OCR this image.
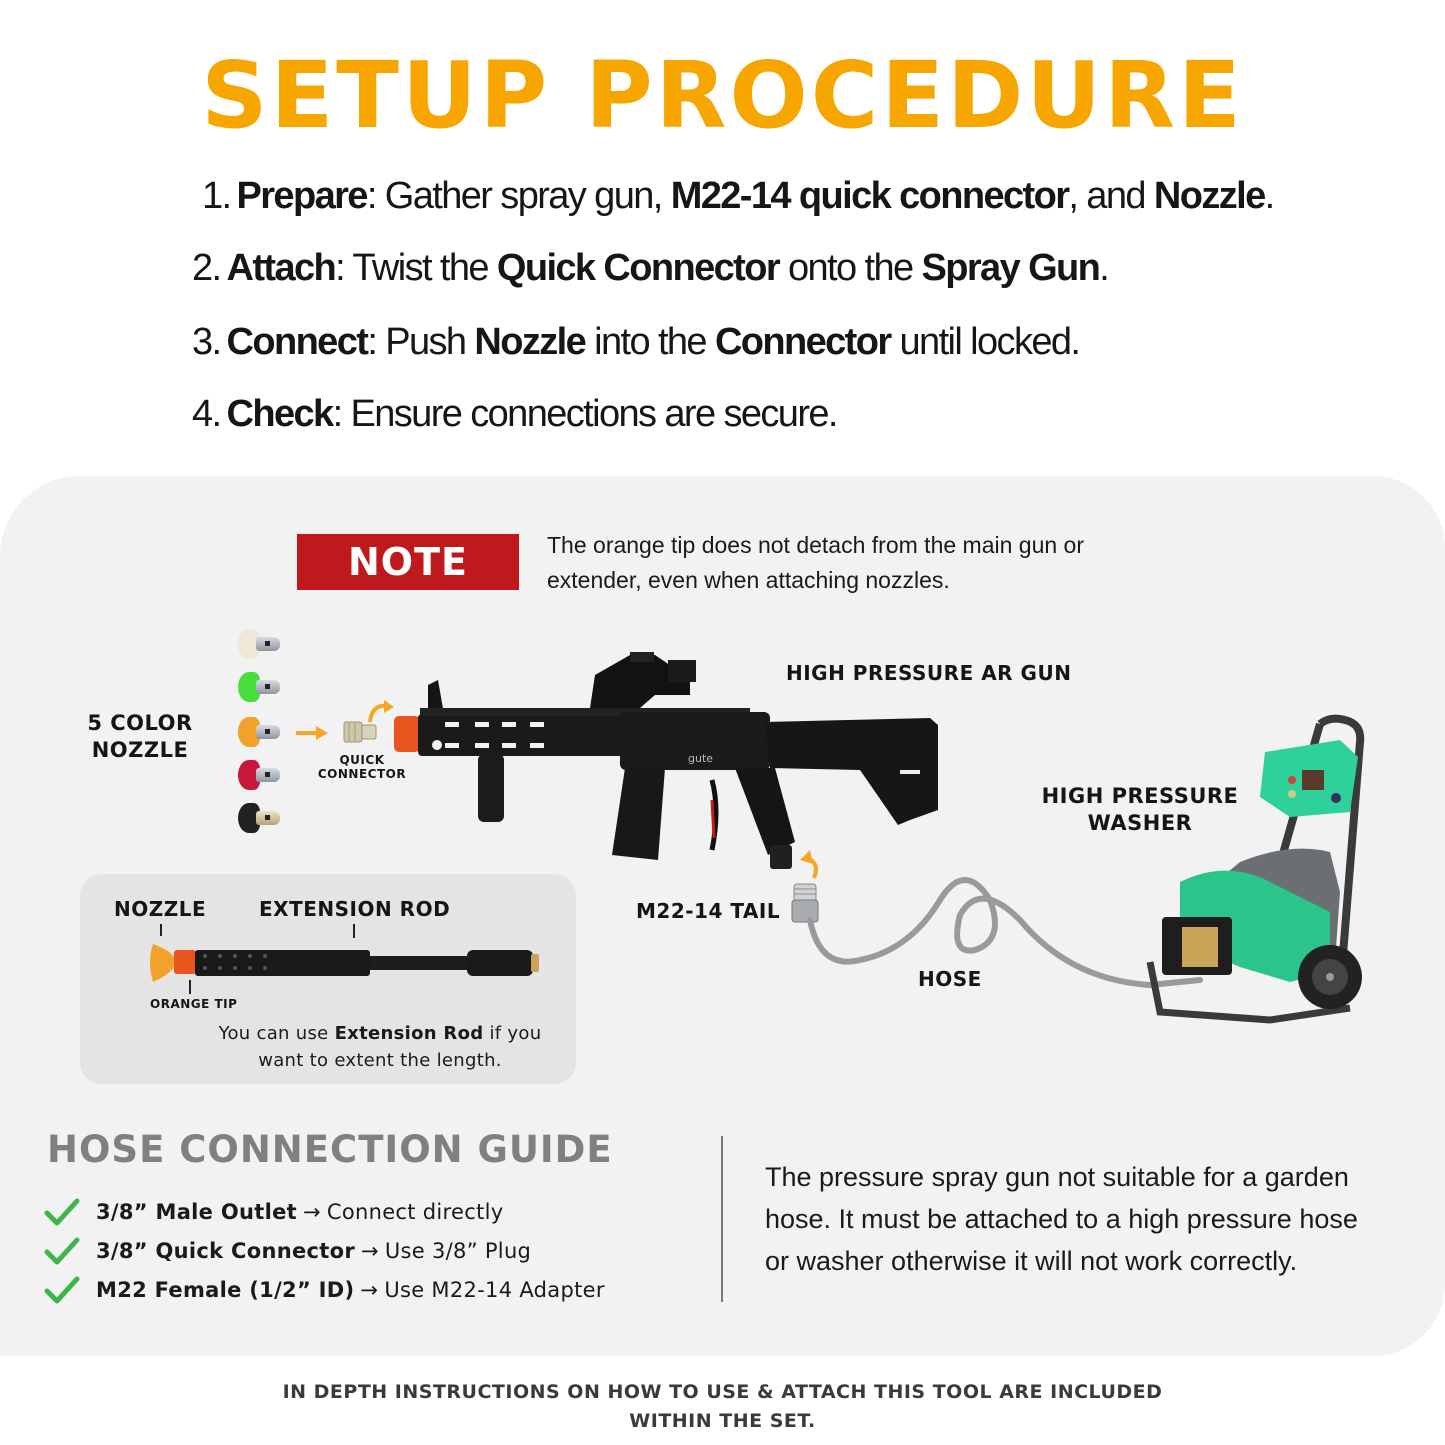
SETUP PROCEDURE
1. Prepare: Gather spray gun, M22-14 quick connector, and Nozzle.
2. Attach: Twist the Quick Connector onto the Spray Gun.
3. Connect: Push Nozzle into the Connector until locked.
4. Check: Ensure connections are secure.
NOTE	The orange tip does not detach from the main gun or
extender, even when attaching nozzles.
5 COLOR
NOZZLE	QUICK
CONNECTOR
gute
HIGH PRESSURE AR GUN
M22-14 TAIL
HOSE
HIGH PRESSURE
WASHER
NOZZLE	EXTENSION ROD
ORANGE TIP
You can use Extension Rod if you
want to extent the length.
HOSE CONNECTION GUIDE
3/8” Male Outlet → Connect directly
3/8” Quick Connector → Use 3/8” Plug
M22 Female (1/2” ID) → Use M22-14 Adapter
The pressure spray gun not suitable for a garden
hose. It must be attached to a high pressure hose
or washer otherwise it will not work correctly.
IN DEPTH INSTRUCTIONS ON HOW TO USE & ATTACH THIS TOOL ARE INCLUDED
WITHIN THE SET.
